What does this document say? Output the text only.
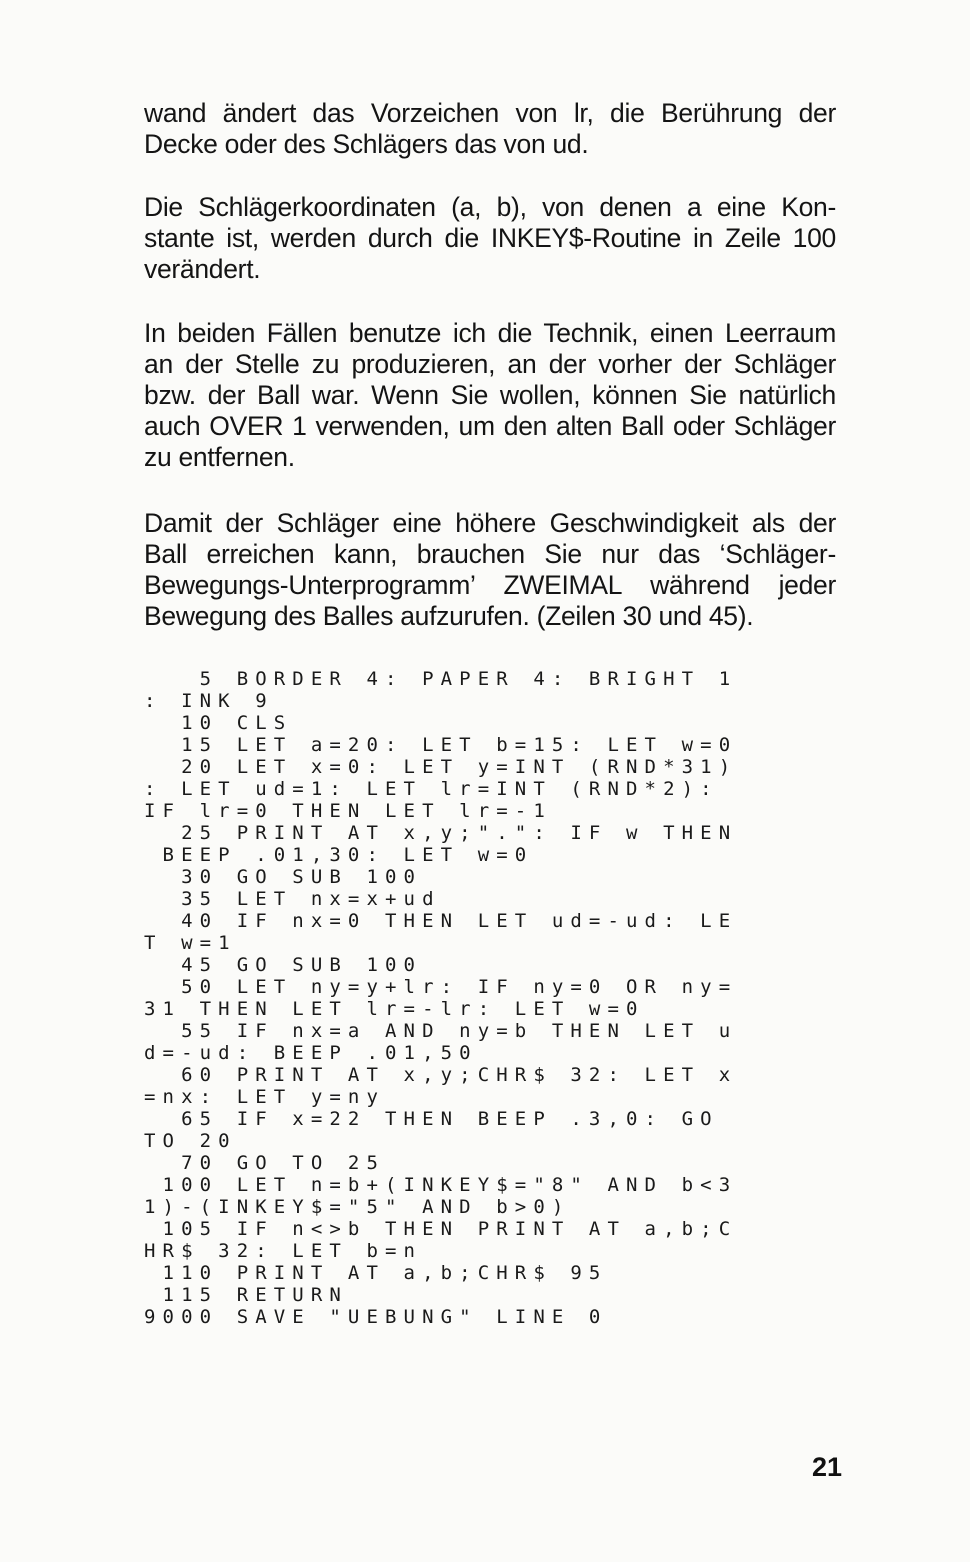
wand ändert das Vorzeichen von lr, die Berührung der
Decke oder des Schlägers das von ud.
Die Schlägerkoordinaten (a, b), von denen a eine Kon-
stante ist, werden durch die INKEY$-Routine in Zeile 100
verändert.
In beiden Fällen benutze ich die Technik, einen Leerraum
an der Stelle zu produzieren, an der vorher der Schläger
bzw. der Ball war. Wenn Sie wollen, können Sie natürlich
auch OVER 1 verwenden, um den alten Ball oder Schläger
zu entfernen.
Damit der Schläger eine höhere Geschwindigkeit als der
Ball erreichen kann, brauchen Sie nur das ‘Schläger-
Bewegungs-Unterprogramm’ ZWEIMAL während jeder
Bewegung des Balles aufzurufen. (Zeilen 30 und 45).
5 BORDER 4: PAPER 4: BRIGHT 1
: INK 9
10 CLS
15 LET a=20: LET b=15: LET w=0
20 LET x=0: LET y=INT (RND*31)
: LET ud=1: LET lr=INT (RND*2):
IF lr=0 THEN LET lr=-1
25 PRINT AT x,y;".": IF w THEN
BEEP .01,30: LET w=0
30 GO SUB 100
35 LET nx=x+ud
40 IF nx=0 THEN LET ud=-ud: LE
T w=1
45 GO SUB 100
50 LET ny=y+lr: IF ny=0 OR ny=
31 THEN LET lr=-lr: LET w=0
55 IF nx=a AND ny=b THEN LET u
d=-ud: BEEP .01,50
60 PRINT AT x,y;CHR$ 32: LET x
=nx: LET y=ny
65 IF x=22 THEN BEEP .3,0: GO
TO 20
70 GO TO 25
100 LET n=b+(INKEY$="8" AND b<3
1)-(INKEY$="5" AND b>0)
105 IF n<>b THEN PRINT AT a,b;C
HR$ 32: LET b=n
110 PRINT AT a,b;CHR$ 95
115 RETURN
9000 SAVE "UEBUNG" LINE 0
21
